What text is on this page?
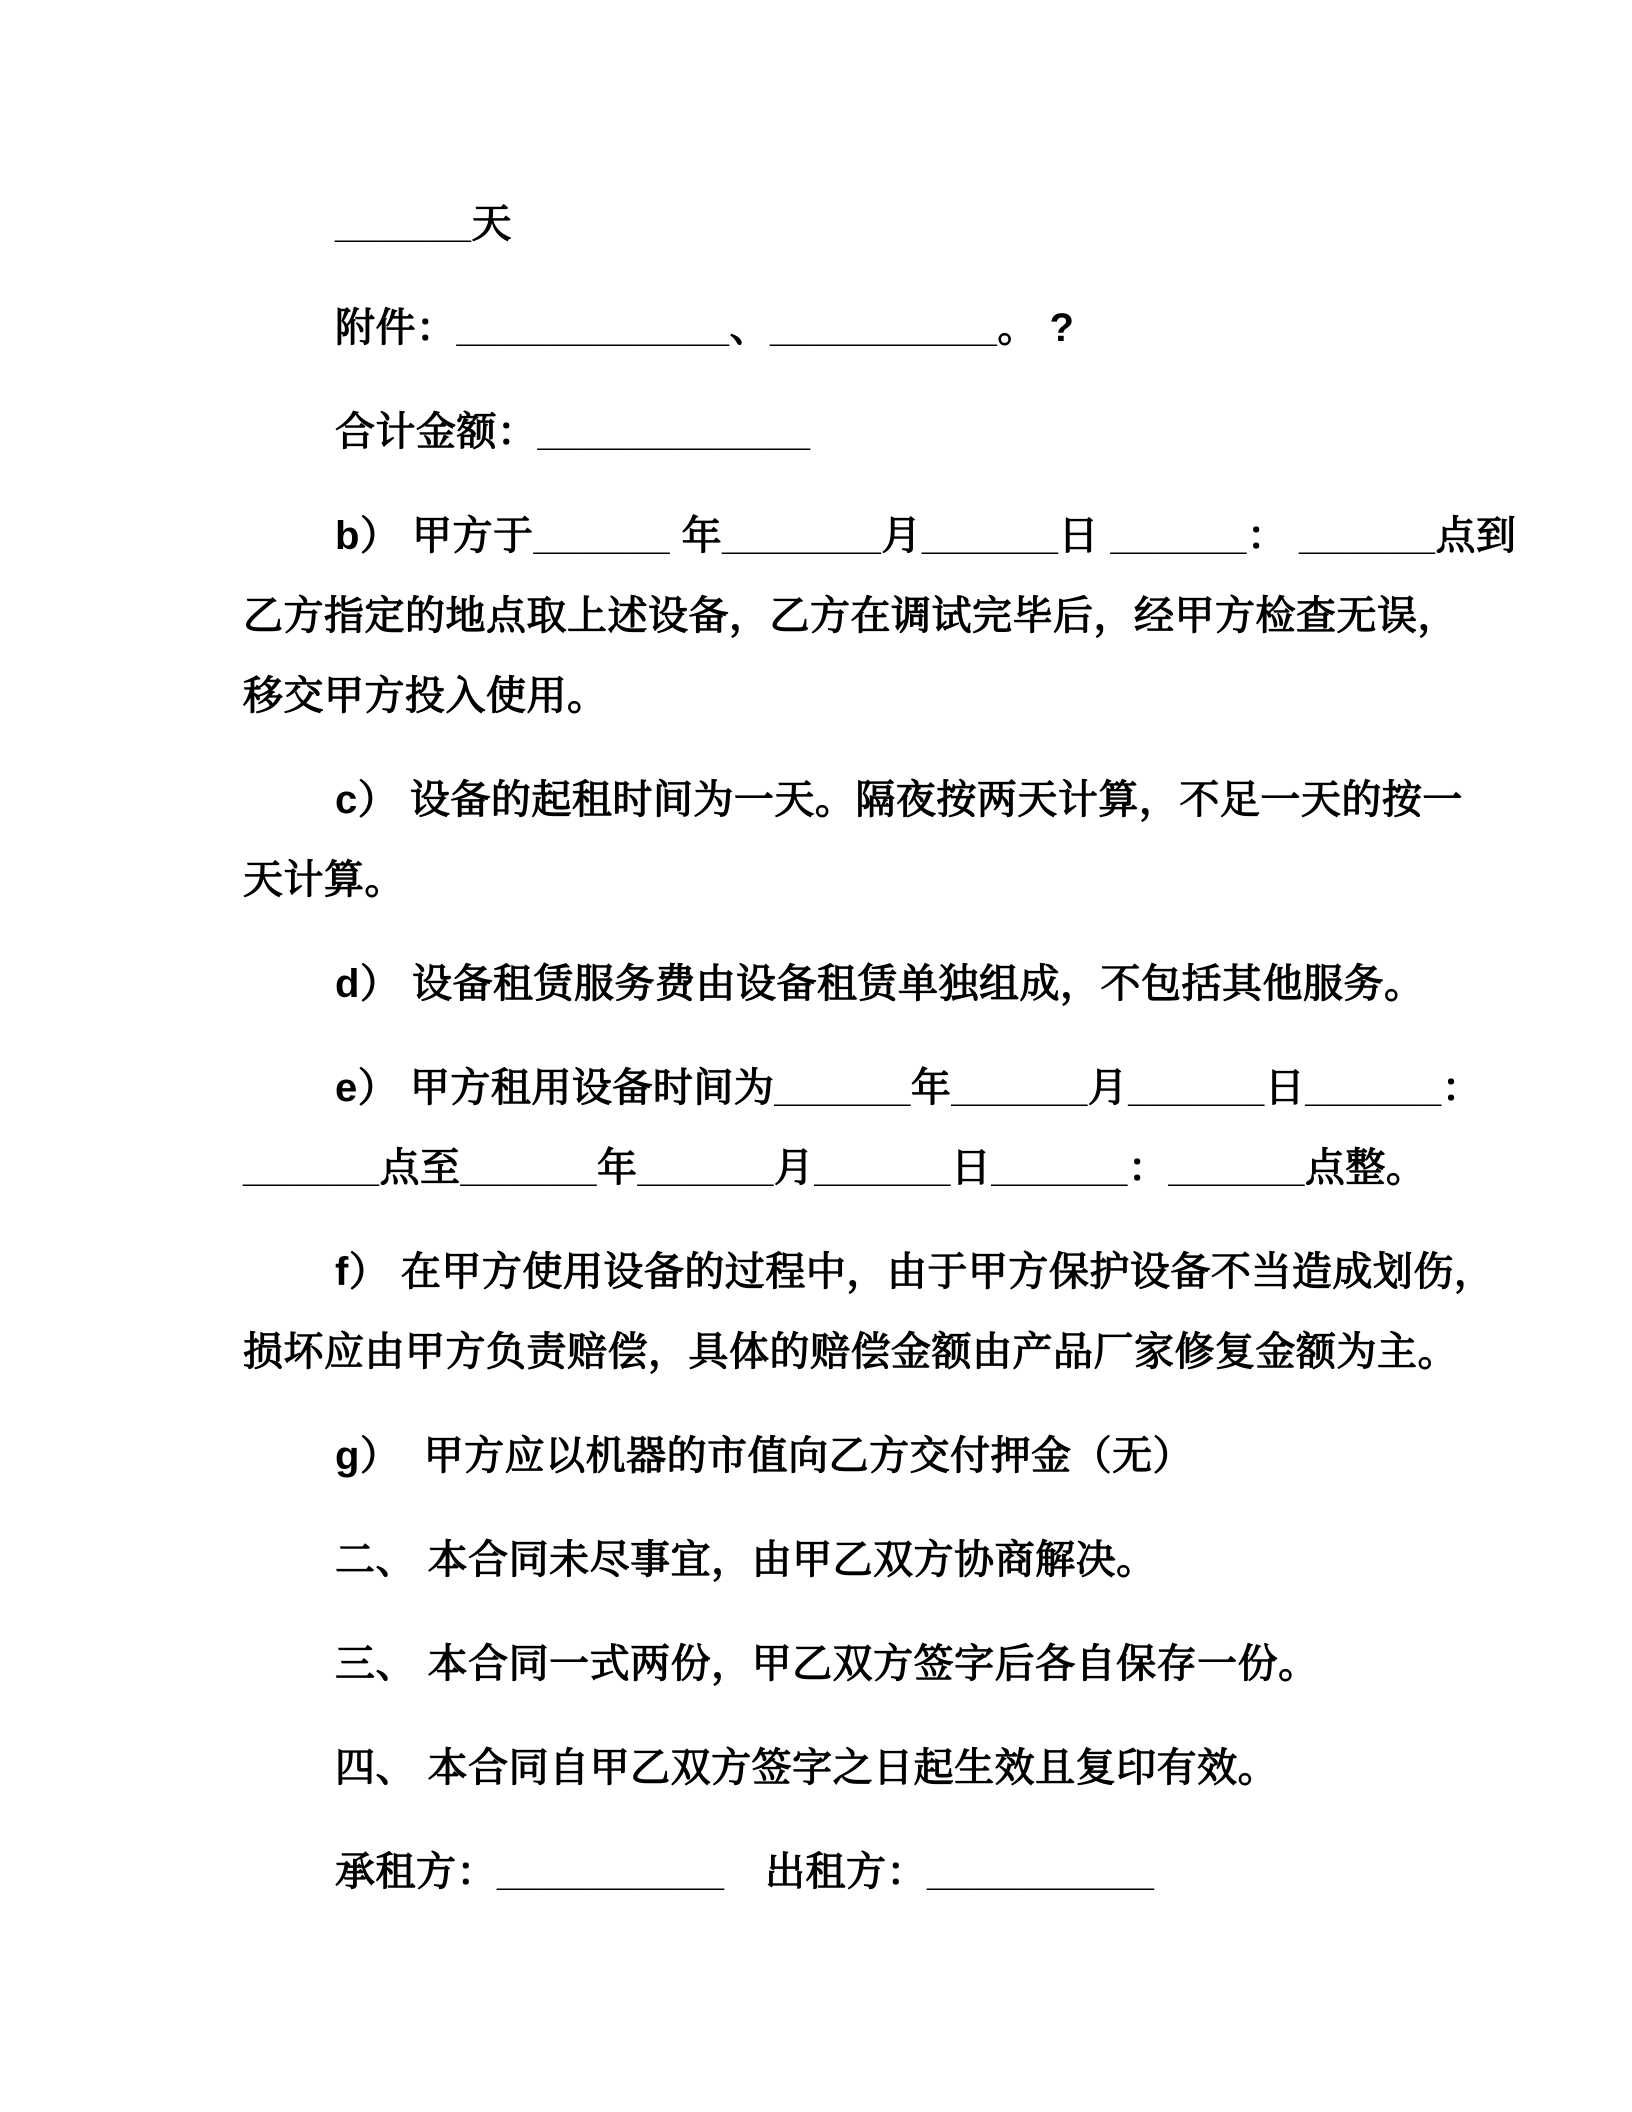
______天
附件：____________、__________。 ?
合计金额：____________
b） 甲方于______ 年_______月______日 ______： ______点到
乙方指定的地点取上述设备，乙方在调试完毕后，经甲方检查无误，
移交甲方投入使用。
c） 设备的起租时间为一天。隔夜按两天计算，不足一天的按一
天计算。
d） 设备租赁服务费由设备租赁单独组成，不包括其他服务。
e） 甲方租用设备时间为______年______月______日______：
______点至______年______月______日______：______点整。
f） 在甲方使用设备的过程中，由于甲方保护设备不当造成划伤，
损坏应由甲方负责赔偿，具体的赔偿金额由产品厂家修复金额为主。
g）  甲方应以机器的市值向乙方交付押金（无）
二、 本合同未尽事宜，由甲乙双方协商解决。
三、 本合同一式两份，甲乙双方签字后各自保存一份。
四、 本合同自甲乙双方签字之日起生效且复印有效。
承租方：__________　出租方：__________
